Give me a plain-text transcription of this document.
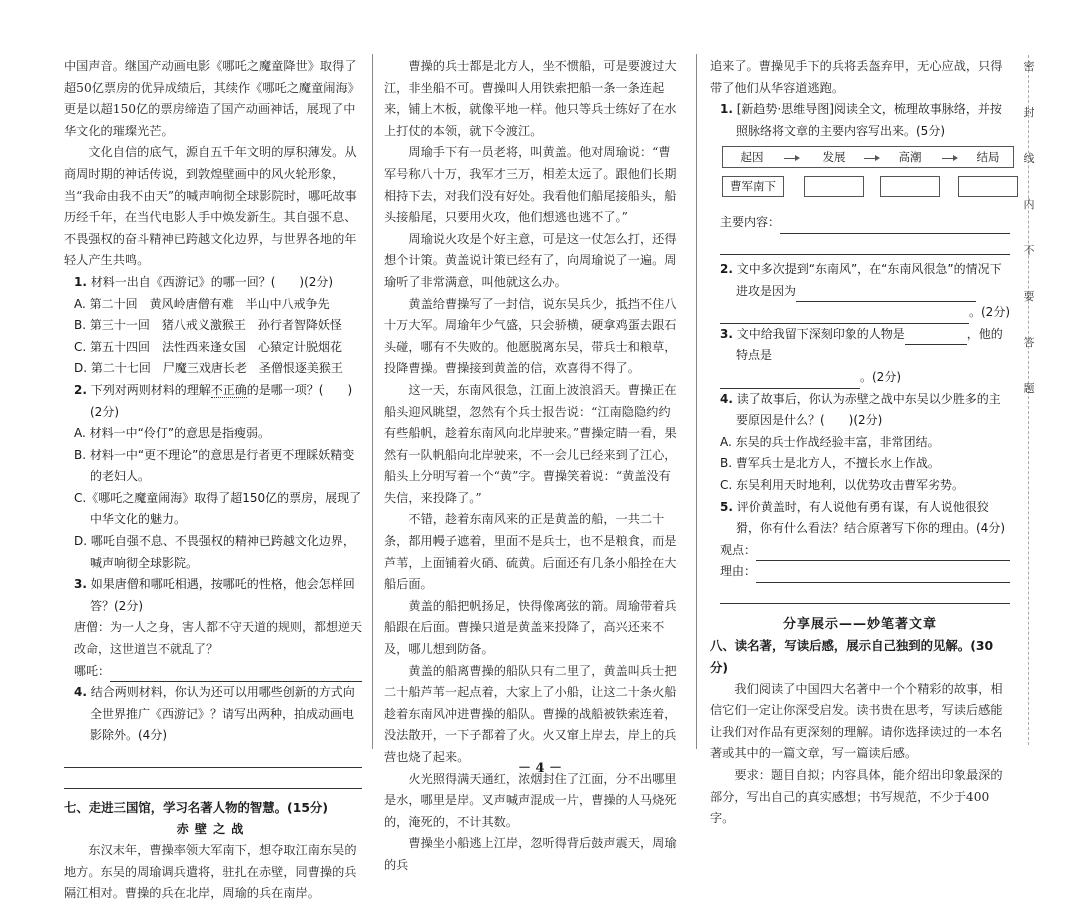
中国声音。继国产动画电影《哪吒之魔童降世》取得了超50亿票房的优异成绩后，其续作《哪吒之魔童闹海》更是以超150亿的票房缔造了国产动画神话，展现了中华文化的璀璨光芒。

文化自信的底气，源自五千年文明的厚积薄发。从商周时期的神话传说，到敦煌壁画中的风火轮形象，当“我命由我不由天”的喊声响彻全球影院时，哪吒故事历经千年，在当代电影人手中焕发新生。其自强不息、不畏强权的奋斗精神已跨越文化边界，与世界各地的年轻人产生共鸣。

1. 材料一出自《西游记》的哪一回？(　　)(2分)

A. 第二十回　黄风岭唐僧有难　半山中八戒争先

B. 第三十一回　猪八戒义激猴王　孙行者智降妖怪

C. 第五十四回　法性西来逢女国　心猿定计脱烟花

D. 第二十七回　尸魔三戏唐长老　圣僧恨逐美猴王

2. 下列对两则材料的理解不正确的是哪一项？(　　)(2分)

A. 材料一中“伶仃”的意思是指瘦弱。

B. 材料一中“更不理论”的意思是行者更不理睬妖精变的老妇人。

C.《哪吒之魔童闹海》取得了超150亿的票房，展现了中华文化的魅力。

D. 哪吒自强不息、不畏强权的精神已跨越文化边界，喊声响彻全球影院。

3. 如果唐僧和哪吒相遇，按哪吒的性格，他会怎样回答？(2分)

唐僧：为一人之身，害人都不守天道的规则，都想逆天改命，这世道岂不就乱了？

哪吒：

4. 结合两则材料，你认为还可以用哪些创新的方式向全世界推广《西游记》？请写出两种，拍成动画电影除外。(4分)

七、走进三国馆，学习名著人物的智慧。(15分)

赤壁之战

东汉末年，曹操率领大军南下，想夺取江南东吴的地方。东吴的周瑜调兵遣将，驻扎在赤壁，同曹操的兵隔江相对。曹操的兵在北岸，周瑜的兵在南岸。

曹操的兵士都是北方人，坐不惯船，可是要渡过大江，非坐船不可。曹操叫人用铁索把船一条一条连起来，铺上木板，就像平地一样。他只等兵士练好了在水上打仗的本领，就下令渡江。

周瑜手下有一员老将，叫黄盖。他对周瑜说：“曹军号称八十万，我军才三万，相差太远了。跟他们长期相持下去，对我们没有好处。我看他们船尾接船头，船头接船尾，只要用火攻，他们想逃也逃不了。”

周瑜说火攻是个好主意，可是这一仗怎么打，还得想个计策。黄盖说计策已经有了，向周瑜说了一遍。周瑜听了非常满意，叫他就这么办。

黄盖给曹操写了一封信，说东吴兵少，抵挡不住八十万大军。周瑜年少气盛，只会骄横，硬拿鸡蛋去跟石头碰，哪有不失败的。他愿脱离东吴，带兵士和粮草，投降曹操。曹操接到黄盖的信，欢喜得不得了。

这一天，东南风很急，江面上波浪滔天。曹操正在船头迎风眺望，忽然有个兵士报告说：“江南隐隐约约有些船帆，趁着东南风向北岸驶来。”曹操定睛一看，果然有一队帆船向北岸驶来，不一会儿已经来到了江心，船头上分明写着一个“黄”字。曹操笑着说：“黄盖没有失信，来投降了。”

不错，趁着东南风来的正是黄盖的船，一共二十条，都用幔子遮着，里面不是兵士，也不是粮食，而是芦苇，上面铺着火硝、硫黄。后面还有几条小船拴在大船后面。

黄盖的船把帆扬足，快得像离弦的箭。周瑜带着兵船跟在后面。曹操只道是黄盖来投降了，高兴还来不及，哪儿想到防备。

黄盖的船离曹操的船队只有二里了，黄盖叫兵士把二十船芦苇一起点着，大家上了小船，让这二十条火船趁着东南风冲进曹操的船队。曹操的战船被铁索连着，没法散开，一下子都着了火。火又窜上岸去，岸上的兵营也烧了起来。

火光照得满天通红，浓烟封住了江面，分不出哪里是水，哪里是岸。叉声喊声混成一片，曹操的人马烧死的，淹死的，不计其数。

曹操坐小船逃上江岸，忽听得背后鼓声震天，周瑜的兵

追来了。曹操见手下的兵将丢盔弃甲，无心应战，只得带了他们从华容道逃跑。

1. [新趋势·思维导图]阅读全文，梳理故事脉络，并按照脉络将文章的主要内容写出来。(5分)

起因	发展	高潮	结局
曹军南下

主要内容：

2. 文中多次提到“东南风”，在“东南风很急”的情况下进攻是因为

。(2分)

3. 文中给我留下深刻印象的人物是	，他的特点是

。(2分)

4. 读了故事后，你认为赤壁之战中东吴以少胜多的主要原因是什么？(　　)(2分)

A. 东吴的兵士作战经验丰富，非常团结。

B. 曹军兵士是北方人，不擅长水上作战。

C. 东吴利用天时地利，以优势攻击曹军劣势。

5. 评价黄盖时，有人说他有勇有谋，有人说他很狡猾，你有什么看法？结合原著写下你的理由。(4分)

观点：

理由：

分享展示——妙笔著文章

八、读名著，写读后感，展示自己独到的见解。(30分)

我们阅读了中国四大名著中一个个精彩的故事，相信它们一定让你深受启发。读书贵在思考，写读后感能让我们对作品有更深刻的理解。请你选择读过的一本名著或其中的一篇文章，写一篇读后感。

要求：题目自拟；内容具体，能介绍出印象最深的部分，写出自己的真实感想；书写规范，不少于400字。

密
封
线
内
不
要
答
题
－ 4 －
